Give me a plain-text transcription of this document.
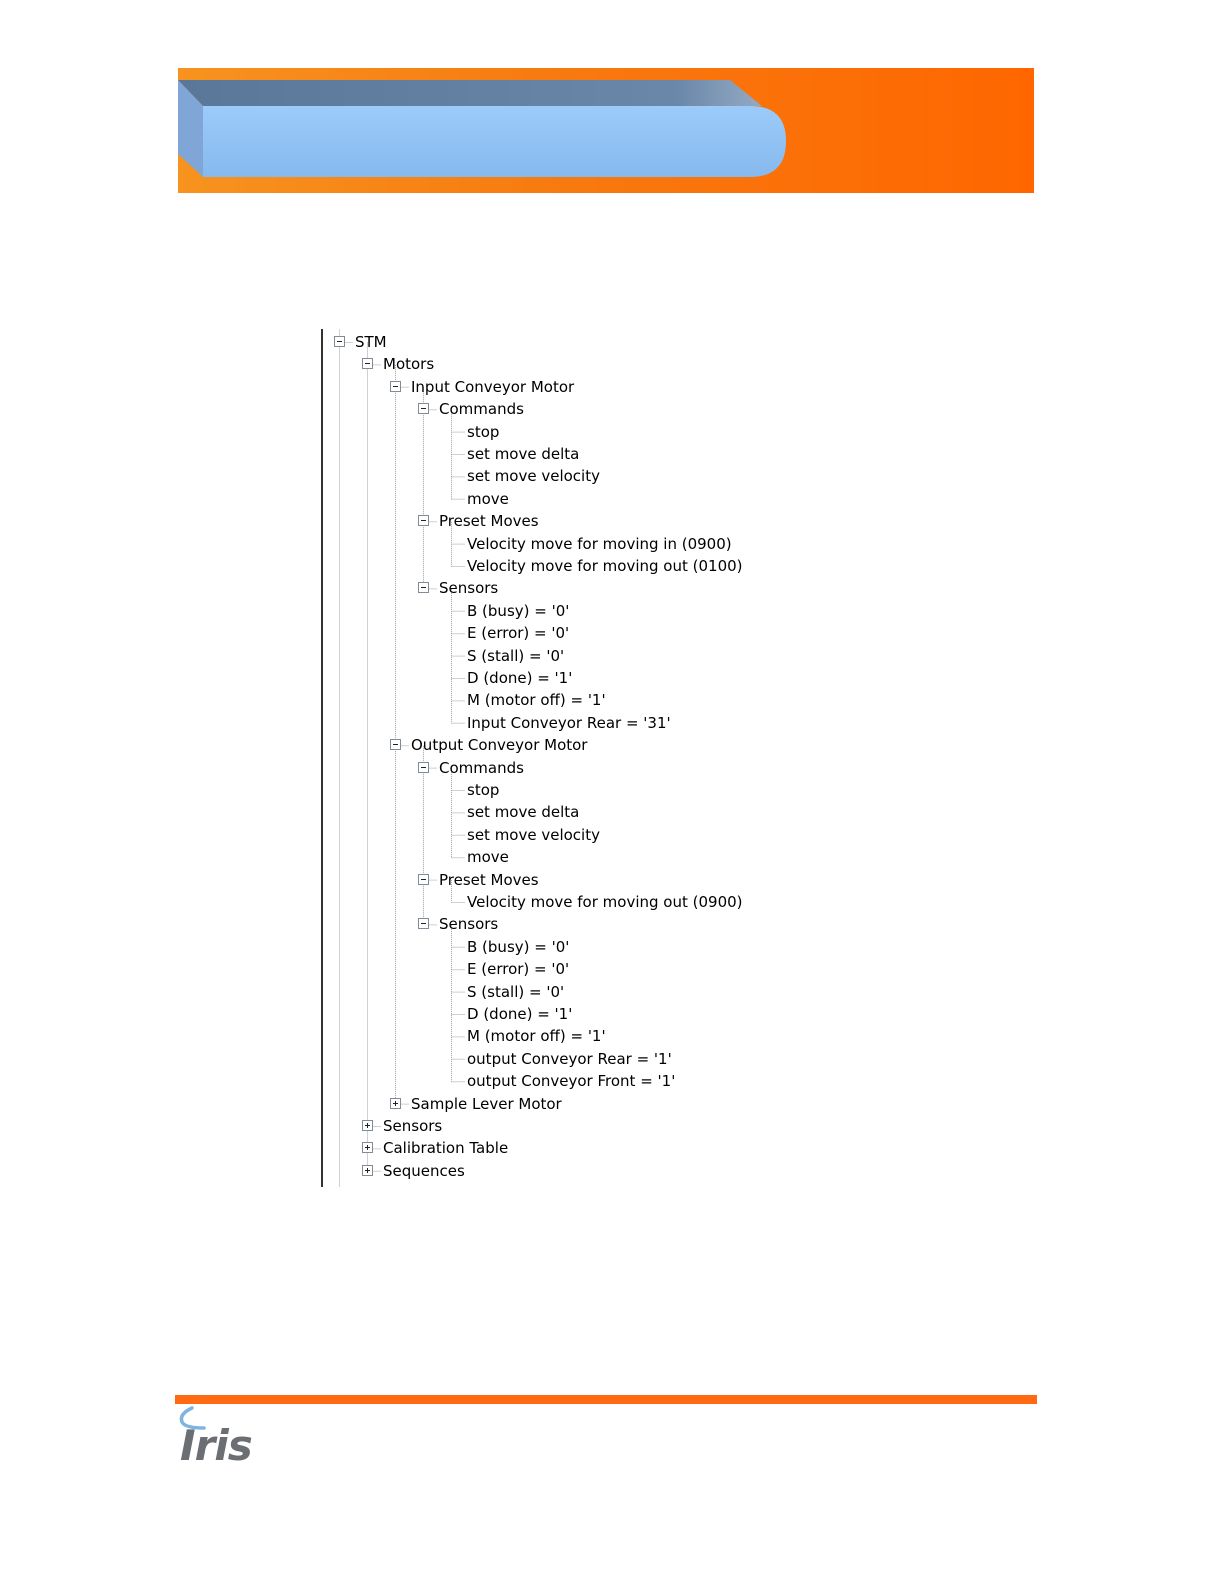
STM
Motors
Input Conveyor Motor
Commands
stop
set move delta
set move velocity
move
Preset Moves
Velocity move for moving in (0900)
Velocity move for moving out (0100)
Sensors
B (busy) = '0'
E (error) = '0'
S (stall) = '0'
D (done) = '1'
M (motor off) = '1'
Input Conveyor Rear = '31'
Output Conveyor Motor
Commands
stop
set move delta
set move velocity
move
Preset Moves
Velocity move for moving out (0900)
Sensors
B (busy) = '0'
E (error) = '0'
S (stall) = '0'
D (done) = '1'
M (motor off) = '1'
output Conveyor Rear = '1'
output Conveyor Front = '1'
Sample Lever Motor
Sensors
Calibration Table
Sequences
Iris
